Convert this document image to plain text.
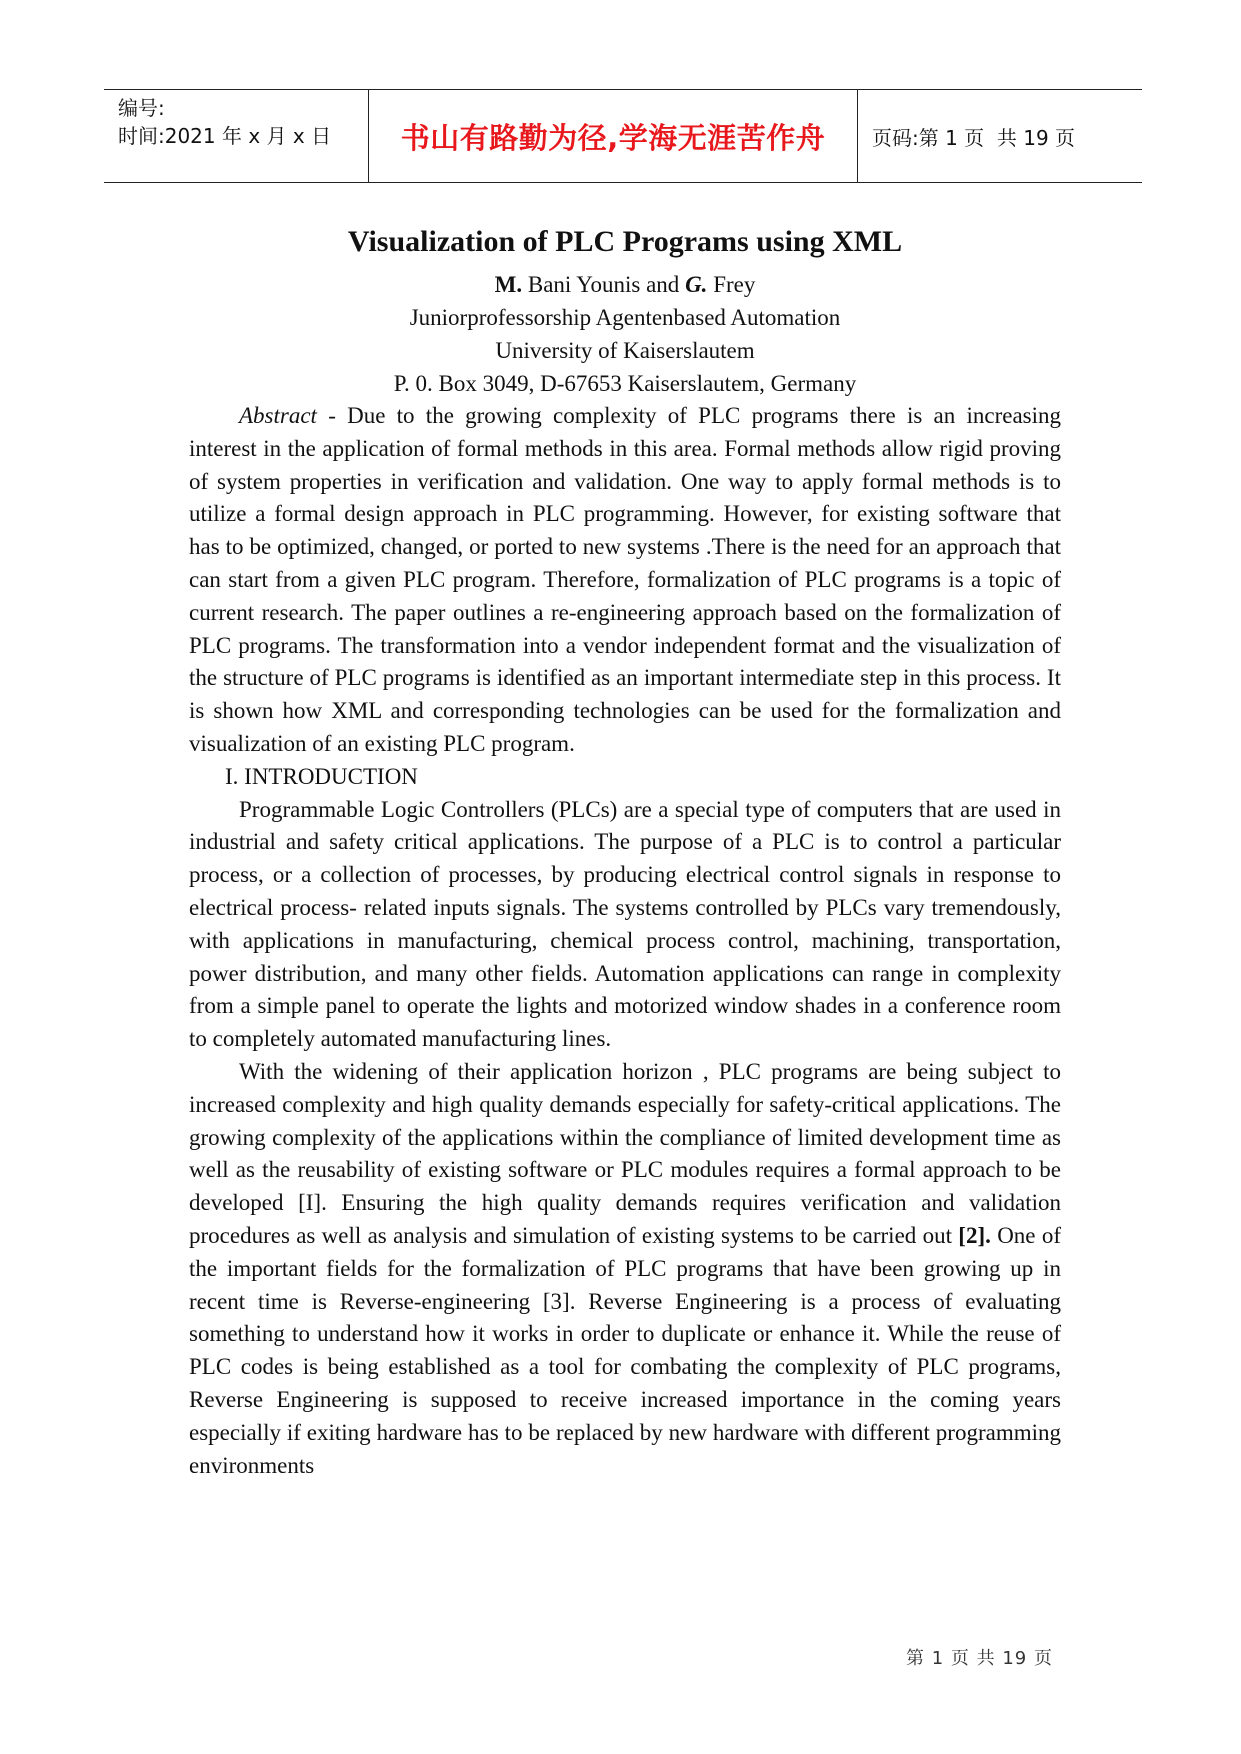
编号:
时间:2021 年 x 月 x 日	书山有路勤为径,学海无涯苦作舟 页码:第 1 页  共 19 页
Visualization of PLC Programs using XML

M. Bani Younis and G. Frey

Juniorprofessorship Agentenbased Automation

University of Kaiserslautem

P. 0. Box 3049, D-67653 Kaiserslautem, Germany

Abstract - Due to the growing complexity of PLC programs there is an increasing interest in the application of formal methods in this area. Formal methods allow rigid proving of system properties in verification and validation. One way to apply formal methods is to utilize a formal design approach in PLC programming. However, for existing software that has to be optimized, changed, or ported to new systems .There is the need for an approach that can start from a given PLC program. Therefore, formalization of PLC programs is a topic of current research. The paper outlines a re-engineering approach based on the formalization of PLC programs. The transformation into a vendor independent format and the visualization of the structure of PLC programs is identified as an important intermediate step in this process. It is shown how XML and corresponding technologies can be used for the formalization and visualization of an existing PLC program.

I. INTRODUCTION

Programmable Logic Controllers (PLCs) are a special type of computers that are used in industrial and safety critical applications. The purpose of a PLC is to control a particular process, or a collection of processes, by producing electrical control signals in response to electrical process- related inputs signals. The systems controlled by PLCs vary tremendously, with applications in manufacturing, chemical process control, machining, transportation, power distribution, and many other fields. Automation applications can range in complexity from a simple panel to operate the lights and motorized window shades in a conference room to completely automated manufacturing lines.

With the widening of their application horizon , PLC programs are being subject to increased complexity and high quality demands especially for safety-critical applications. The growing complexity of the applications within the compliance of limited development time as well as the reusability of existing software or PLC modules requires a formal approach to be developed [I]. Ensuring the high quality demands requires verification and validation procedures as well as analysis and simulation of existing systems to be carried out [2]. One of the important fields for the formalization of PLC programs that have been growing up in recent time is Reverse-engineering [3]. Reverse Engineering is a process of evaluating something to understand how it works in order to duplicate or enhance it. While the reuse of PLC codes is being established as a tool for combating the complexity of PLC programs, Reverse Engineering is supposed to receive increased importance in the coming years especially if exiting hardware has to be replaced by new hardware with different programming environments

第 1 页 共 19 页
